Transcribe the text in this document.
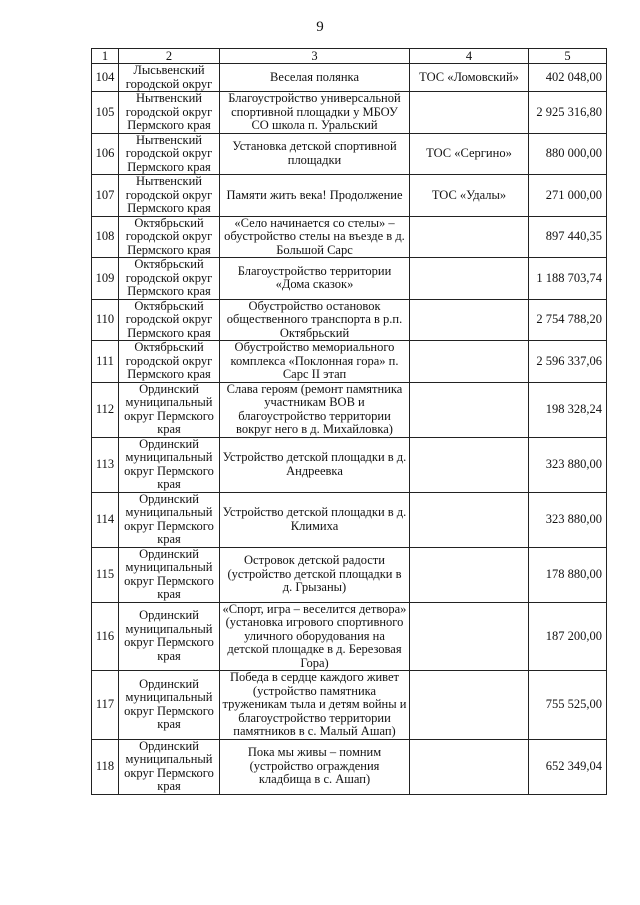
9
1	2	3	4	5
104	Лысьвенский городской округ	Веселая полянка	ТОС «Ломовский»	402 048,00
105	Нытвенский городской округ Пермского края	Благоустройство универсальной спортивной площадки у МБОУ СО школа п. Уральский		2 925 316,80
106	Нытвенский городской округ Пермского края	Установка детской спортивной площадки	ТОС «Сергино»	880 000,00
107	Нытвенский городской округ Пермского края	Памяти жить века! Продолжение	ТОС «Удалы»	271 000,00
108	Октябрьский городской округ Пермского края	«Село начинается со стелы» – обустройство стелы на въезде в д. Большой Сарс		897 440,35
109	Октябрьский городской округ Пермского края	Благоустройство территории «Дома сказок»		1 188 703,74
110	Октябрьский городской округ Пермского края	Обустройство остановок общественного транспорта в р.п. Октябрьский		2 754 788,20
111	Октябрьский городской округ Пермского края	Обустройство мемориального комплекса «Поклонная гора» п. Сарс II этап		2 596 337,06
112	Ординский муниципальный округ Пермского края	Слава героям (ремонт памятника участникам ВОВ и благоустройство территории вокруг него в д. Михайловка)		198 328,24
113	Ординский муниципальный округ Пермского края	Устройство детской площадки в д. Андреевка		323 880,00
114	Ординский муниципальный округ Пермского края	Устройство детской площадки в д. Климиха		323 880,00
115	Ординский муниципальный округ Пермского края	Островок детской радости (устройство детской площадки в д. Грызаны)		178 880,00
116	Ординский муниципальный округ Пермского края	«Спорт, игра – веселится детвора» (установка игрового спортивного уличного оборудования на детской площадке в д. Березовая Гора)		187 200,00
117	Ординский муниципальный округ Пермского края	Победа в сердце каждого живет (устройство памятника труженикам тыла и детям войны и благоустройство территории памятников в с. Малый Ашап)		755 525,00
118	Ординский муниципальный округ Пермского края	Пока мы живы – помним (устройство ограждения кладбища в с. Ашап)		652 349,04
